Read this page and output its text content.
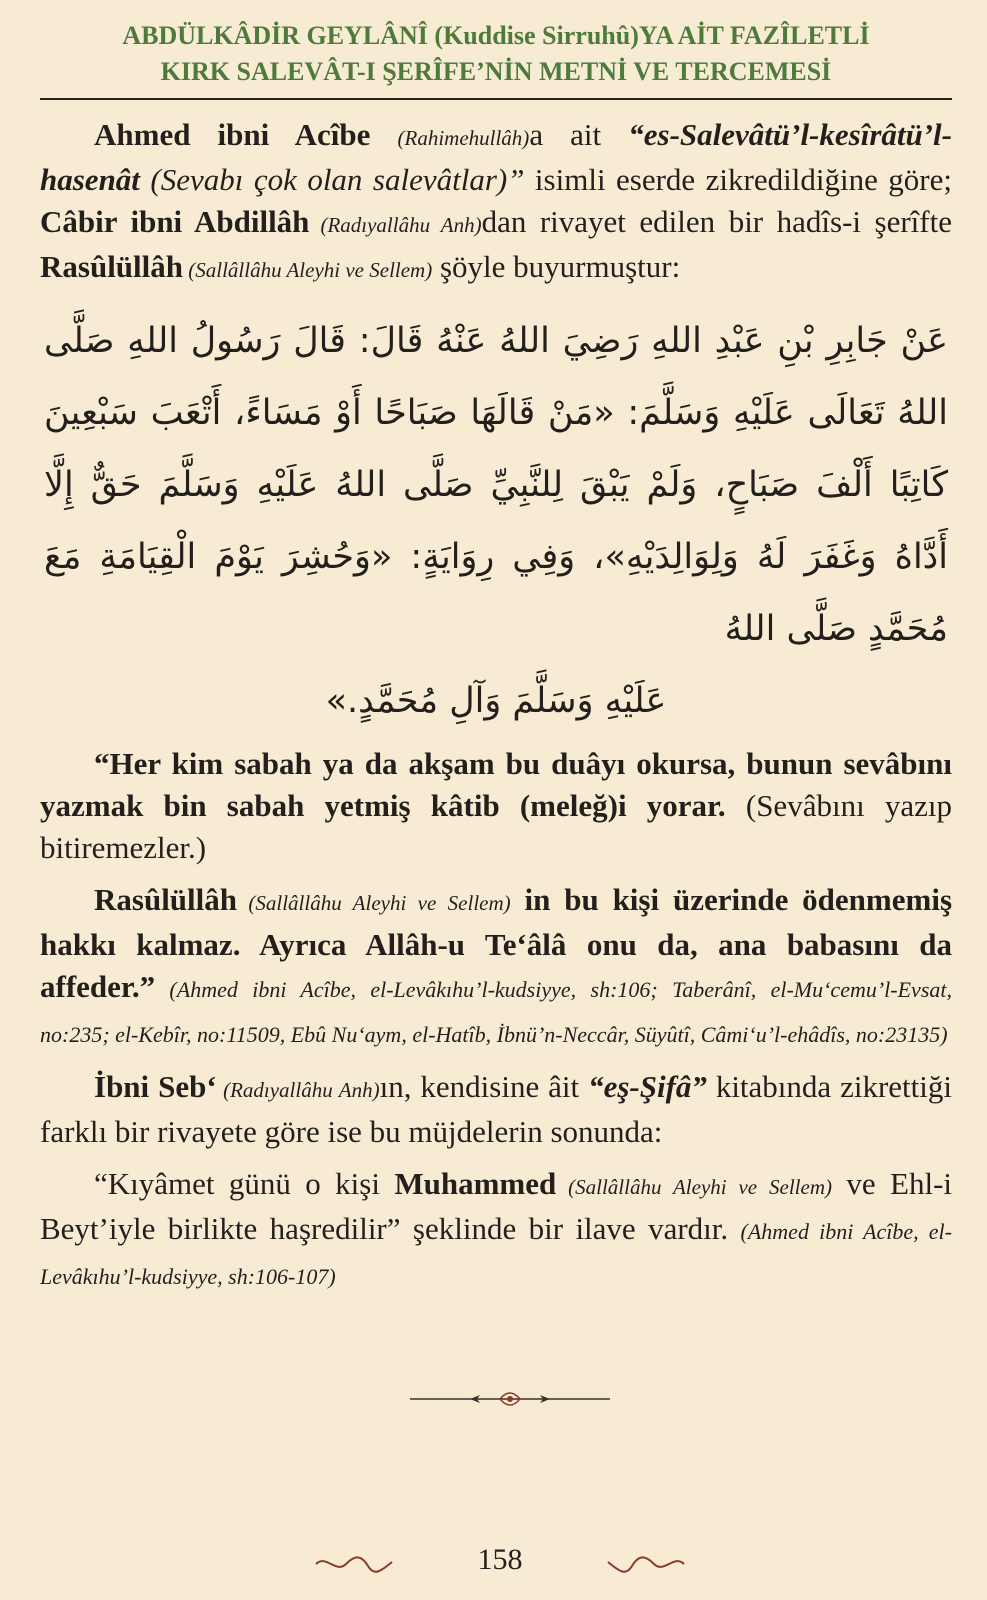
ABDÜLKÂDİR GEYLÂNÎ (Kuddise Sirruhû)YA AİT FAZÎLETLİ
KIRK SALEVÂT-I ŞERÎFE’NİN METNİ VE TERCEMESİ

Ahmed ibni Acîbe (Rahimehullâh)a ait “es-Salevâtü’l-kesîrâtü’l-hasenât (Sevabı çok olan salevâtlar)” isimli eserde zikredildiğine göre; Câbir ibni Abdillâh (Radıyallâhu Anh)dan rivayet edilen bir hadîs-i şerîfte Rasûlüllâh (Sallâllâhu Aleyhi ve Sellem) şöyle buyurmuştur:

عَنْ جَابِرِ بْنِ عَبْدِ اللهِ رَضِيَ اللهُ عَنْهُ قَالَ: قَالَ رَسُولُ اللهِ صَلَّى اللهُ تَعَالَى عَلَيْهِ وَسَلَّمَ: «مَنْ قَالَهَا صَبَاحًا أَوْ مَسَاءً، أَتْعَبَ سَبْعِينَ كَاتِبًا أَلْفَ صَبَاحٍ، وَلَمْ يَبْقَ لِلنَّبِيِّ صَلَّى اللهُ عَلَيْهِ وَسَلَّمَ حَقٌّ إِلَّا أَدَّاهُ وَغَفَرَ لَهُ وَلِوَالِدَيْهِ»، وَفِي رِوَايَةٍ: «وَحُشِرَ يَوْمَ الْقِيَامَةِ مَعَ مُحَمَّدٍ صَلَّى اللهُ
عَلَيْهِ وَسَلَّمَ وَآلِ مُحَمَّدٍ.»

“Her kim sabah ya da akşam bu duâyı okursa, bunun sevâbını yazmak bin sabah yetmiş kâtib (meleğ)i yorar. (Sevâbını yazıp bitiremezler.)

Rasûlüllâh (Sallâllâhu Aleyhi ve Sellem) in bu kişi üzerinde ödenmemiş hakkı kalmaz. Ayrıca Allâh-u Te‘âlâ onu da, ana babasını da affeder.” (Ahmed ibni Acîbe, el-Levâkıhu’l-kudsiyye, sh:106; Taberânî, el-Mu‘cemu’l-Evsat, no:235; el-Kebîr, no:11509, Ebû Nu‘aym, el-Hatîb, İbnü’n-Neccâr, Süyûtî, Câmi‘u’l-ehâdîs, no:23135)

İbni Seb‘ (Radıyallâhu Anh)ın, kendisine âit “eş-Şifâ” kitabında zikrettiği farklı bir rivayete göre ise bu müjdelerin sonunda:

“Kıyâmet günü o kişi Muhammed (Sallâllâhu Aleyhi ve Sellem) ve Ehl-i Beyt’iyle birlikte haşredilir” şeklinde bir ilave vardır. (Ahmed ibni Acîbe, el-Levâkıhu’l-kudsiyye, sh:106-107)

158
